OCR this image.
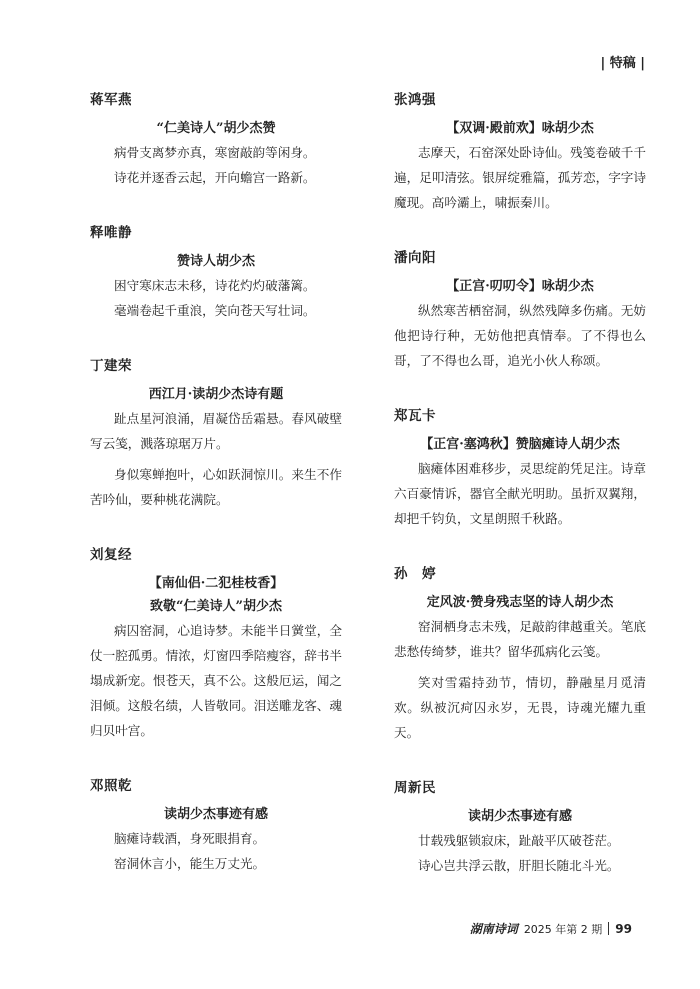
| 特稿 |

蒋军燕

“仁美诗人”胡少杰赞

病骨支离梦亦真，寒窗敲韵等闲身。

诗花并逐香云起，开向蟾宫一路新。

释唯静

赞诗人胡少杰

困守寒床志未移，诗花灼灼破藩篱。

毫端卷起千重浪，笑向苍天写壮词。

丁建荣

西江月·读胡少杰诗有题

趾点星河浪涌，眉凝岱岳霜悬。春风破壁写云笺，溅落琼琚万片。

身似寒蝉抱叶，心如跃洞惊川。来生不作苦吟仙，要种桃花满院。

刘复经

【南仙侣·二犯桂枝香】

致敬“仁美诗人”胡少杰

病囚窑洞，心追诗梦。未能半日黉堂，全仗一腔孤勇。情浓，灯窗四季陪瘦容，辞书半塌成新宠。恨苍天，真不公。这般厄运，闻之泪倾。这般名绩，人皆敬同。泪送雕龙客、魂归贝叶宫。

邓照乾

读胡少杰事迹有感

脑瘫诗载酒，身死眼捐育。

窑洞休言小，能生万丈光。

张鸿强

【双调·殿前欢】咏胡少杰

志摩天，石窑深处卧诗仙。残笺卷破千千遍，足叩清弦。银屏绽雅篇，孤芳恋，字字诗魔现。高吟灞上，啸振秦川。

潘向阳

【正宫·叨叨令】咏胡少杰

纵然寒苦栖窑洞，纵然残障多伤痛。无妨他把诗行种，无妨他把真情奉。了不得也么哥，了不得也么哥，追光小伙人称颂。

郑瓦卡

【正宫·塞鸿秋】赞脑瘫诗人胡少杰

脑瘫体困难移步，灵思绽韵凭足注。诗章六百豪情诉，器官全献光明助。虽折双翼翔，却把千钧负，文星朗照千秋路。

孙　婷

定风波·赞身残志坚的诗人胡少杰

窑洞栖身志未残，足敲韵律越重关。笔底悲愁传绮梦，谁共？留华孤病化云笺。

笑对雪霜持劲节，情切，静融星月觅清欢。纵被沉疴囚永岁，无畏，诗魂光耀九重天。

周新民

读胡少杰事迹有感

廿载残躯锁寂床，趾敲平仄破苍茫。

诗心岂共浮云散，肝胆长随北斗光。

湖南诗词 2025 年第 2 期 99
